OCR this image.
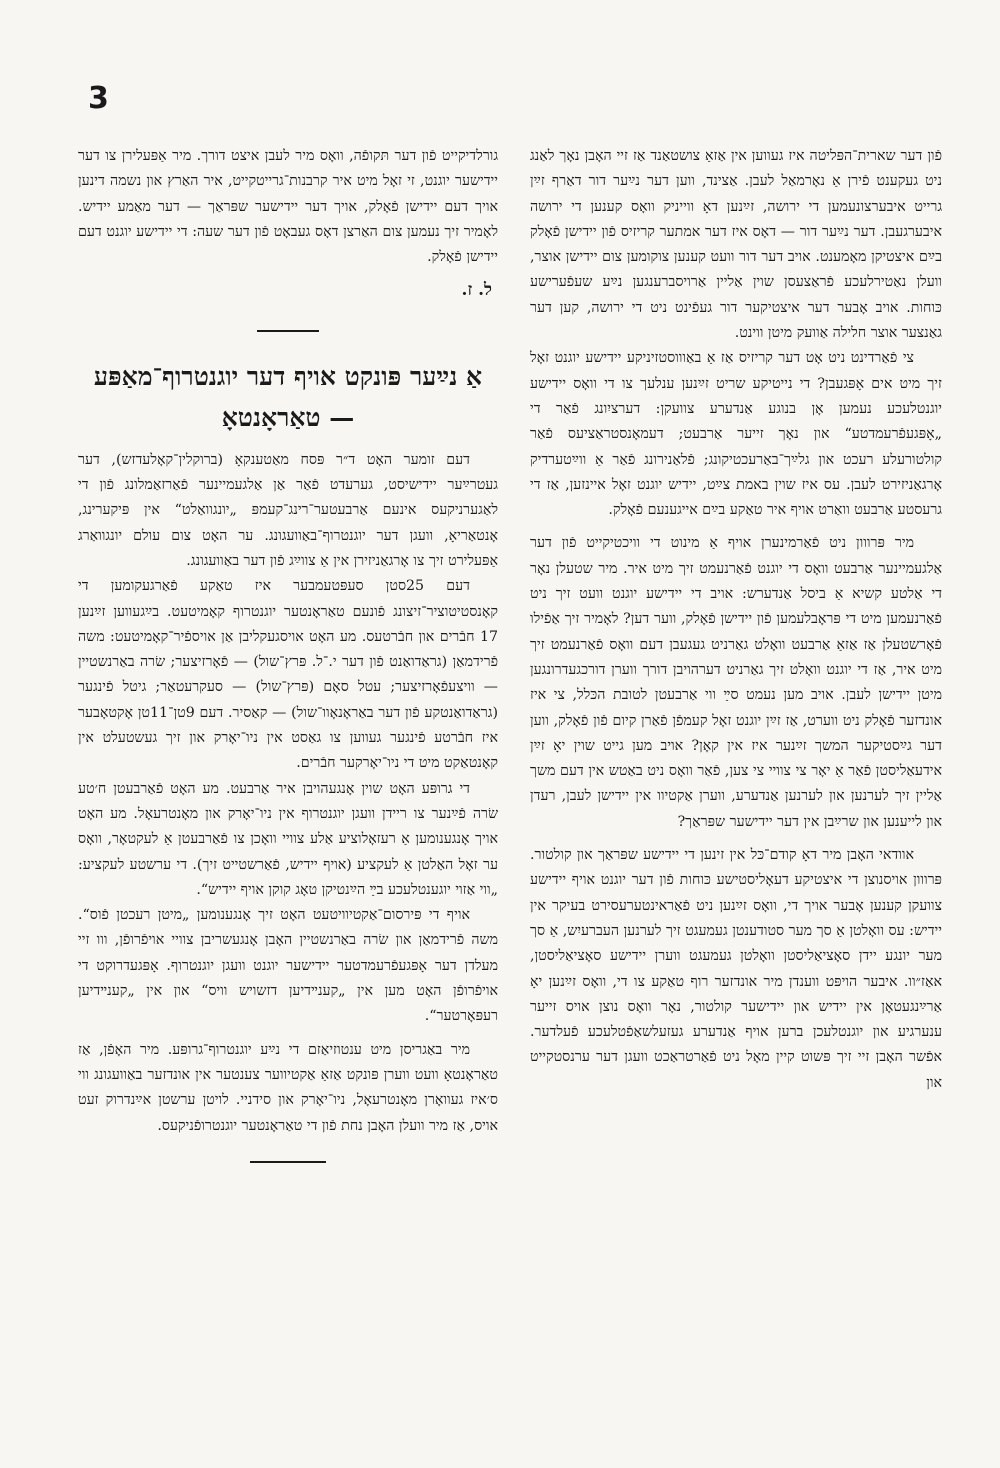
3

פֿון דער שארית־הפּליטה איז געווען אין אַזאַ צושטאַנד אַז זיי האָבן נאָך לאַנג ניט געקענט פֿירן אַ נאָרמאַל לעבן. אַצינד, ווען דער נײַער דור דאַרף זײַן גרייט איבערצונעמען די ירושה, זײַנען דאָ ווייניק וואָס קענען די ירושה איבערגעבן. דער נײַער דור — דאָס איז דער אמתער קריזיס פֿון יידישן פֿאָלק בײַם איצטיקן מאָמענט. אויב דער דור וועט קענען צוקומען צום יידישן אוצר, וועלן נאַטירלעכע פֿראַצעסן שוין אַליין אַרויסברענגען נײַע שעפֿערישע כּוחות. אויב אָבער דער איצטיקער דור געפֿינט ניט די ירושה, קען דער גאַנצער אוצר חלילה אַוועק מיטן ווינט.

צי פֿאַרדינט ניט אָט דער קריזיס אַז אַ באַוווסטזיניקע יידישע יוגנט זאָל זיך מיט אים אָפּגעבן? די נייטיקע שריט זײַנען ענלעך צו די וואָס יידישע יוגנטלעכע נעמען אָן בנוגע אַנדערע צוועקן: דערציִונג פֿאַר די „אָפּגעפֿרעמדטע“ און נאָך זייער אַרבעט; דעמאָנסטראַציעס פֿאַר קולטורעלע רעכט און גלײַך־באַרעכטיקונג; פֿלאַנירונג פֿאַר אַ ווײַטערדיק אָרגאַניזירט לעבן. עס איז שוין באמת צײַט, יידיש יוגנט זאָל איינזען, אַז די גרעסטע אַרבעט וואַרט אויף איר טאַקע בײַם אייגענעם פֿאָלק.

מיר פּרווון ניט פֿאַרמינערן אויף אַ מינוט די וויכטיקייט פֿון דער אַלגעמיינער אַרבעט וואָס די יוגנט פֿאַרנעמט זיך מיט איר. מיר שטעלן נאָר די אַלטע קשיא אַ ביסל אַנדערש: אויב די יידישע יוגנט וועט זיך ניט פֿאַרנעמען מיט די פּראָבלעמען פֿון יידישן פֿאָלק, ווער דען? לאָמיר זיך אַפֿילו פֿאָרשטעלן אַז אַזאַ אַרבעט וואָלט גאַרניט געגעבן דעם וואָס פֿאַרנעמט זיך מיט איר, אַז די יוגנט וואָלט זיך גאַרניט דערהויבן דורך ווערן דורכגעדרונגען מיטן יידישן לעבן. אויב מען נעמט סײַ ווי אַרבעטן לטובת הכּלל, צי איז אונדזער פֿאָלק ניט ווערט, אַז זײַן יוגנט זאָל קעמפֿן פֿאַרן קיום פֿון פֿאָלק, ווען דער גײַסטיקער המשך זײַנער איז אין קאָן? אויב מען גייט שוין יאָ זײַן אידעאַליסטן פֿאַר אַ יאָר צי צוויי צי צען, פֿאַר וואָס ניט באַטש אין דעם משך אַליין זיך לערנען און לערנען אַנדערע, ווערן אַקטיוו אין יידישן לעבן, רעדן און לייענען און שרײַבן אין דער יידישער שפּראַך?

אוודאי האָבן מיר דאָ קודם־כּל אין זינען די יידישע שפּראַך און קולטור. פּרווון אויסנוצן די איצטיקע דעאָליסטישע כּוחות פֿון דער יוגנט אויף יידישע צוועקן קענען אָבער אויך די, וואָס זײַנען ניט פֿאַראינטערעסירט בעיקר אין יידיש: עס וואָלטן אַ סך מער סטודענטן געמעגט זיך לערנען העברעיִש, אַ סך מער יונגע יידן סאָציאַליסטן וואָלטן געמעגט ווערן יידישע סאָציאַליסטן, אאַז״וו. איבער הויפּט ווענדן מיר אונדזער רוף טאַקע צו די, וואָס זײַנען יאָ אַרײַנגעטאָן אין יידיש און יידישער קולטור, נאָר וואָס נוצן אויס זייער ענערגיע און יוגנטלעכן ברען אויף אַנדערע געזעלשאַפֿטלעכע פֿעלדער. אפֿשר האָבן זיי זיך פּשוט קיין מאָל ניט פֿאַרטראַכט וועגן דער ערנסטקייט און

גורלדיקייט פֿון דער תּקופֿה, וואָס מיר לעבן איצט דורך. מיר אַפּעלירן צו דער יידישער יוגנט, זי זאָל מיט איר קרבנות־גרייטקייט, איר האַרץ און נשמה דינען אויך דעם יידישן פֿאָלק, אויך דער יידישער שפּראַך — דער מאַמע יידיש. לאָמיר זיך נעמען צום האַרצן דאָס געבאָט פֿון דער שעה: די יידישע יוגנט דעם יידישן פֿאָלק.

ל. ז.

אַ נײַער פּונקט אויף דער יוגנטרוף־מאַפּע — טאַראָנטאָ

דעם זומער האָט ד״ר פּסח מאַטענקאָ (ברוקלין־קאָלעדזש), דער געטרײַער יידישיסט, גערעדט פֿאַר אַן אַלגעמיינער פֿאַרזאַמלונג פֿון די לאַגערניקעס אינעם אַרבעטער־רינג־קעמפּ „יונגוואַלט“ אין פּיקערינג, אָנטאַריאָ, וועגן דער יוגנטרוף־באַוועגונג. ער האָט צום עולם יונגוואַרג אַפּעלירט זיך צו אָרגאַניזירן אין אַ צווײַג פֿון דער באַוועגונג.

דעם 25סטן סעפּטעמבער איז טאַקע פֿאַרגעקומען די קאָנסטיטוציר־זיצונג פֿונעם טאַראָנטער יוגנטרוף קאָמיטעט. בײַגעווען זײַנען 17 חבֿרים און חבֿרטעס. מע האָט אויסגעקליבן אַן אויספֿיר־קאָמיטעט: משה פֿרידמאַן (גראַדואַנט פֿון דער י.־ל. פּרץ־שול) — פֿאָרזיצער; שׂרה באַרנשטיין — וויצעפֿאָרזיצער; עטל סאָם (פּרץ־שול) — סעקרעטאַר; גיטל פֿינגער (גראַדואַנטקע פֿון דער באַראָנאָוו־שול) — קאַסיר. דעם 9טן־11טן אָקטאָבער איז חבֿרטע פֿינגער געווען צו גאַסט אין ניו־יאָרק און זיך געשטעלט אין קאָנטאַקט מיט די ניו־יאָרקער חבֿרים.

די גרופּע האָט שוין אָנגעהויבן איר אַרבעט. מע האָט פֿאַרבעטן ח׳טע שׂרה פֿײַנער צו ריידן וועגן יוגנטרוף אין ניו־יאָרק און מאָנטרעאָל. מע האָט אויך אָנגענומען אַ רעזאָלוציע אַלע צוויי וואָכן צו פֿאַרבעטן אַ לעקטאָר, וואָס ער זאָל האַלטן אַ לעקציע (אויף יידיש, פֿאַרשטייט זיך). די ערשטע לעקציע: „ווי אַזוי יוגענטלעכע בײַ הײַנטיקן טאָג קוקן אויף יידיש“.

אויף די פּירסום־אַקטיוויטעט האָט זיך אָנגענומען „מיטן רעכטן פֿוס“. משה פֿרידמאַן און שׂרה באַרנשטיין האָבן אָנגעשריבן צוויי אויפֿרופֿן, ווו זיי מעלדן דער אָפּגעפֿרעמדטער יידישער יוגנט וועגן יוגנטרוף. אָפּגעדרוקט די אויפֿרופֿן האָט מען אין „קענײדיען דזשויש וויס“ און אין „קענײדיען רעפּאָרטער“.

מיר באַגריסן מיט ענטוזיאַזם די נײַע יוגנטרוף־גרופּע. מיר האָפֿן, אַז טאַראָנטאָ וועט ווערן פּונקט אַזאַ אַקטיווער צענטער אין אונדזער באַוועגונג ווי ס׳איז געוואָרן מאָנטרעאָל, ניו־יאָרק און סידניי. לויטן ערשטן אײַנדרוק זעט אויס, אַז מיר וועלן האָבן נחת פֿון די טאַראָנטער יוגנטרופֿניקעס.
